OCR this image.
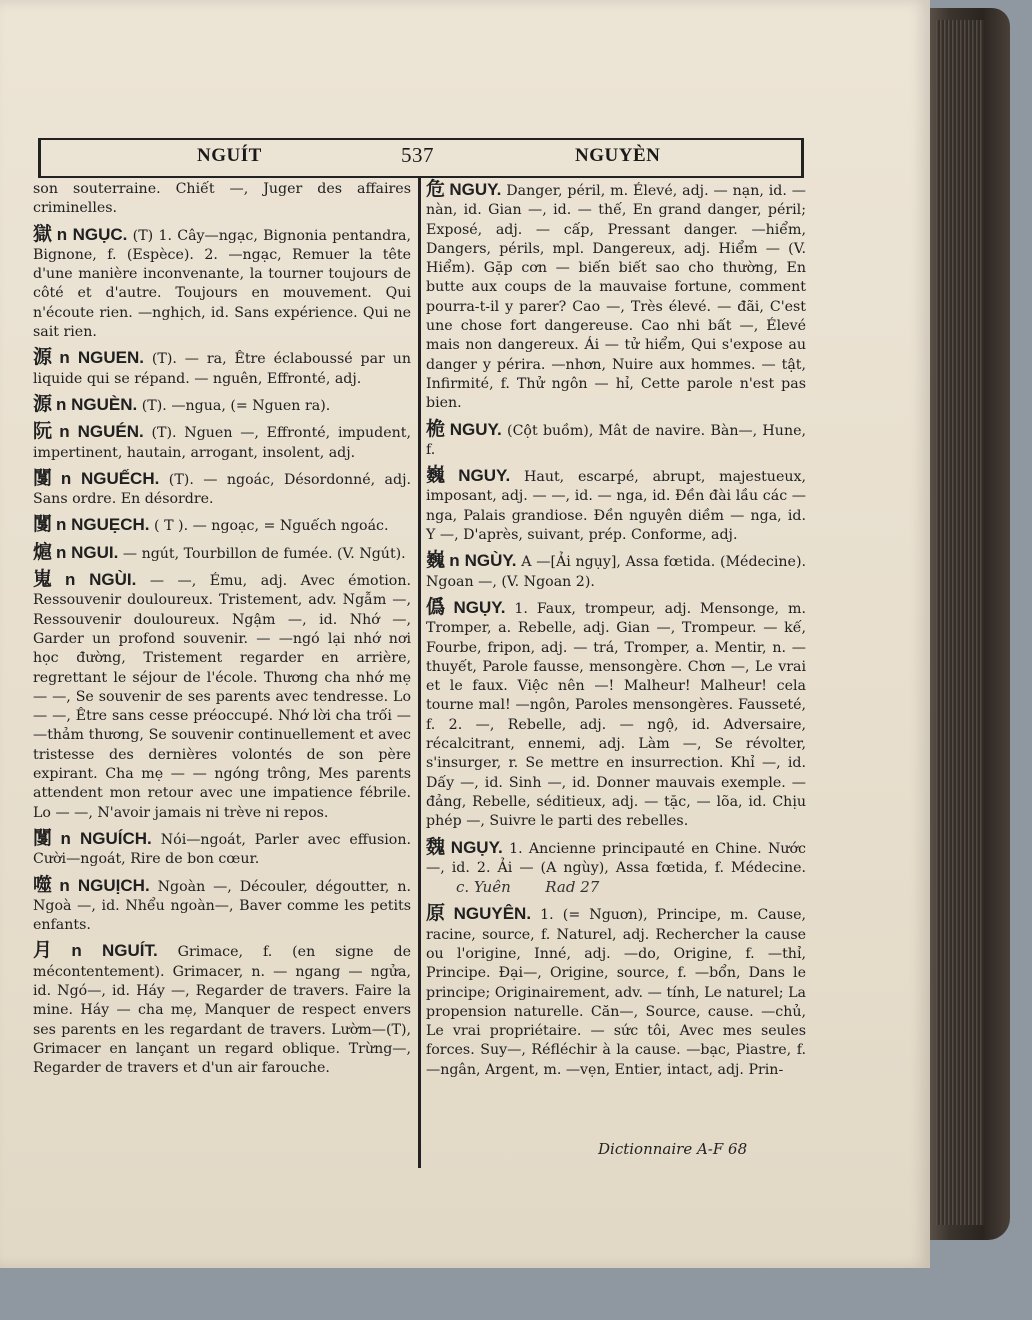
NGUÍT	537	NGUYÈN

son souterraine. Chiết —, Juger des affaires criminelles.

獄 n NGỤC. (T) 1. Cây—ngạc, Bignonia pentandra, Bignone, f. (Espèce). 2. —ngạc, Remuer la tête d'une manière inconvenante, la tourner toujours de côté et d'autre. Toujours en mouvement. Qui n'écoute rien. —nghịch, id. Sans expérience. Qui ne sait rien.

源 n NGUEN. (T). — ra, Être éclaboussé par un liquide qui se répand. — nguên, Effronté, adj.

源 n NGUÈN. (T). —ngua, (= Nguen ra).

阮 n NGUÉN. (T). Nguen —, Effronté, impudent, impertinent, hautain, arrogant, insolent, adj.

闅 n NGUẾCH. (T). — ngoác, Désordonné, adj. Sans ordre. En désordre.

闅 n NGUẸCH. ( T ). — ngoạc, = Nguếch ngoác.

熩 n NGUI. — ngút, Tourbillon de fumée. (V. Ngút).

嵬 n NGÙI. — —, Ému, adj. Avec émotion. Ressouvenir douloureux. Tristement, adv. Ngẫm —, Ressouvenir douloureux. Ngậm —, id. Nhớ —, Garder un profond souvenir. — —ngó lại nhớ nơi học đường, Tristement regarder en arrière, regrettant le séjour de l'école. Thương cha nhớ mẹ — —, Se souvenir de ses parents avec tendresse. Lo — —, Être sans cesse préoccupé. Nhớ lời cha trối — —thảm thương, Se souvenir continuellement et avec tristesse des dernières volontés de son père expirant. Cha mẹ — — ngóng trông, Mes parents attendent mon retour avec une impatience fébrile. Lo — —, N'avoir jamais ni trève ni repos.

闅 n NGUÍCH. Nói—ngoát, Parler avec effusion. Cười—ngoát, Rire de bon cœur.

噬 n NGUỊCH. Ngoàn —, Découler, dégoutter, n. Ngoà —, id. Nhểu ngoàn—, Baver comme les petits enfants.

月 n NGUÍT. Grimace, f. (en signe de mécontentement). Grimacer, n. — ngang — ngửa, id. Ngó—, id. Háy —, Regarder de travers. Faire la mine. Háy — cha mẹ, Manquer de respect envers ses parents en les regardant de travers. Lườm—(T), Grimacer en lançant un regard oblique. Trừng—, Regarder de travers et d'un air farouche.

危 NGUY. Danger, péril, m. Élevé, adj. — nạn, id. — nàn, id. Gian —, id. — thế, En grand danger, péril; Exposé, adj. — cấp, Pressant danger. —hiểm, Dangers, périls, mpl. Dangereux, adj. Hiểm — (V. Hiểm). Gặp cơn — biến biết sao cho thường, En butte aux coups de la mauvaise fortune, comment pourra-t-il y parer? Cao —, Très élevé. — đãi, C'est une chose fort dangereuse. Cao nhi bất —, Élevé mais non dangereux. Ái — tử hiểm, Qui s'expose au danger y périra. —nhơn, Nuire aux hommes. — tật, Infirmité, f. Thử ngôn — hỉ, Cette parole n'est pas bien.

桅 NGUY. (Cột buồm), Mât de navire. Bàn—, Hune, f.

巍 NGUY. Haut, escarpé, abrupt, majestueux, imposant, adj. — —, id. — nga, id. Đền đài lầu các — nga, Palais grandiose. Đền nguyên diềm — nga, id. Y —, D'après, suivant, prép. Conforme, adj.

巍 n NGÙY. A —[Ải ngụy], Assa fœtida. (Médecine). Ngoan —, (V. Ngoan 2).

僞 NGỤY. 1. Faux, trompeur, adj. Mensonge, m. Tromper, a. Rebelle, adj. Gian —, Trompeur. — kế, Fourbe, fripon, adj. — trá, Tromper, a. Mentir, n. — thuyết, Parole fausse, mensongère. Chơn —, Le vrai et le faux. Việc nên —! Malheur! Malheur! cela tourne mal! —ngôn, Paroles mensongères. Fausseté, f. 2. —, Rebelle, adj. — ngộ, id. Adversaire, récalcitrant, ennemi, adj. Làm —, Se révolter, s'insurger, r. Se mettre en insurrection. Khỉ —, id. Dấy —, id. Sinh —, id. Donner mauvais exemple. — đảng, Rebelle, séditieux, adj. — tặc, — lõa, id. Chịu phép —, Suivre le parti des rebelles.

魏 NGỤY. 1. Ancienne principauté en Chine. Nước —, id. 2. Ải — (A ngùy), Assa fœtida, f. Médecine. c. Yuên Rad 27

原 NGUYÊN. 1. (= Nguơn), Principe, m. Cause, racine, source, f. Naturel, adj. Rechercher la cause ou l'origine, Inné, adj. —do, Origine, f. —thỉ, Principe. Đại—, Origine, source, f. —bổn, Dans le principe; Originairement, adv. — tính, Le naturel; La propension naturelle. Căn—, Source, cause. —chủ, Le vrai propriétaire. — sức tôi, Avec mes seules forces. Suy—, Réfléchir à la cause. —bạc, Piastre, f. —ngân, Argent, m. —vẹn, Entier, intact, adj. Prin-

Dictionnaire A-F 68
